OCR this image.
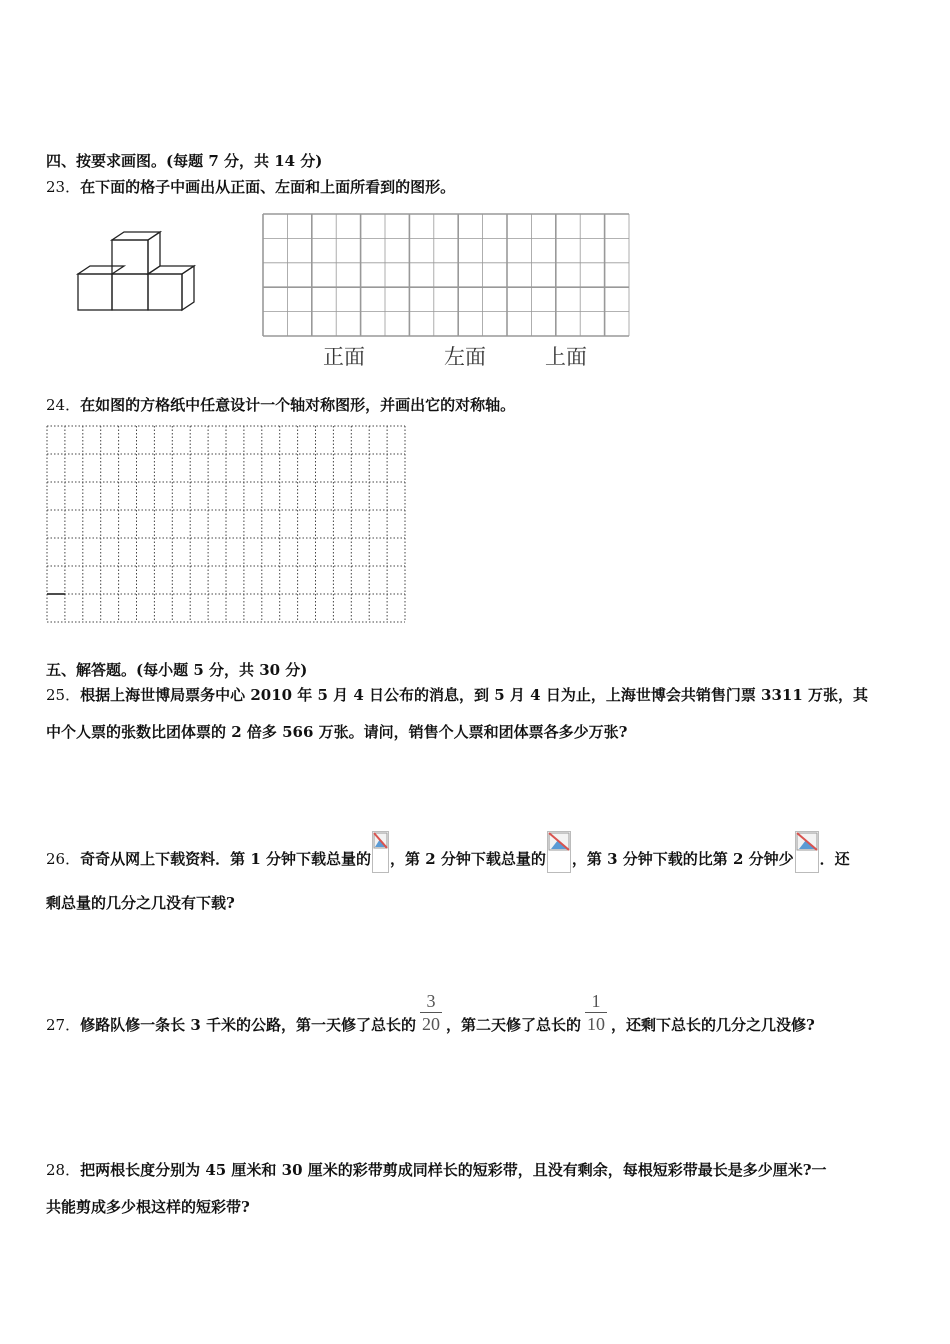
四、按要求画图。(每题 7 分，共 14 分)
23．在下面的格子中画出从正面、左面和上面所看到的图形。
正面	左面	上面
24．在如图的方格纸中任意设计一个轴对称图形，并画出它的对称轴。
五、解答题。(每小题 5 分，共 30 分)
25．根据上海世博局票务中心 2010 年 5 月 4 日公布的消息，到 5 月 4 日为止，上海世博会共销售门票 3311 万张，其
中个人票的张数比团体票的 2 倍多 566 万张。请问，销售个人票和团体票各多少万张?
26．奇奇从网上下载资料．第 1 分钟下载总量的 ，第 2 分钟下载总量的 ，第 3 分钟下载的比第 2 分钟少 ．还
剩总量的几分之几没有下载?
27．修路队修一条长 3 千米的公路，第一天修了总长的 $\frac{3}{20}$ ，第二天修了总长的 $\frac{1}{10}$ ，还剩下总长的几分之几没修?
28．把两根长度分别为 45 厘米和 30 厘米的彩带剪成同样长的短彩带，且没有剩余，每根短彩带最长是多少厘米?一
共能剪成多少根这样的短彩带?
